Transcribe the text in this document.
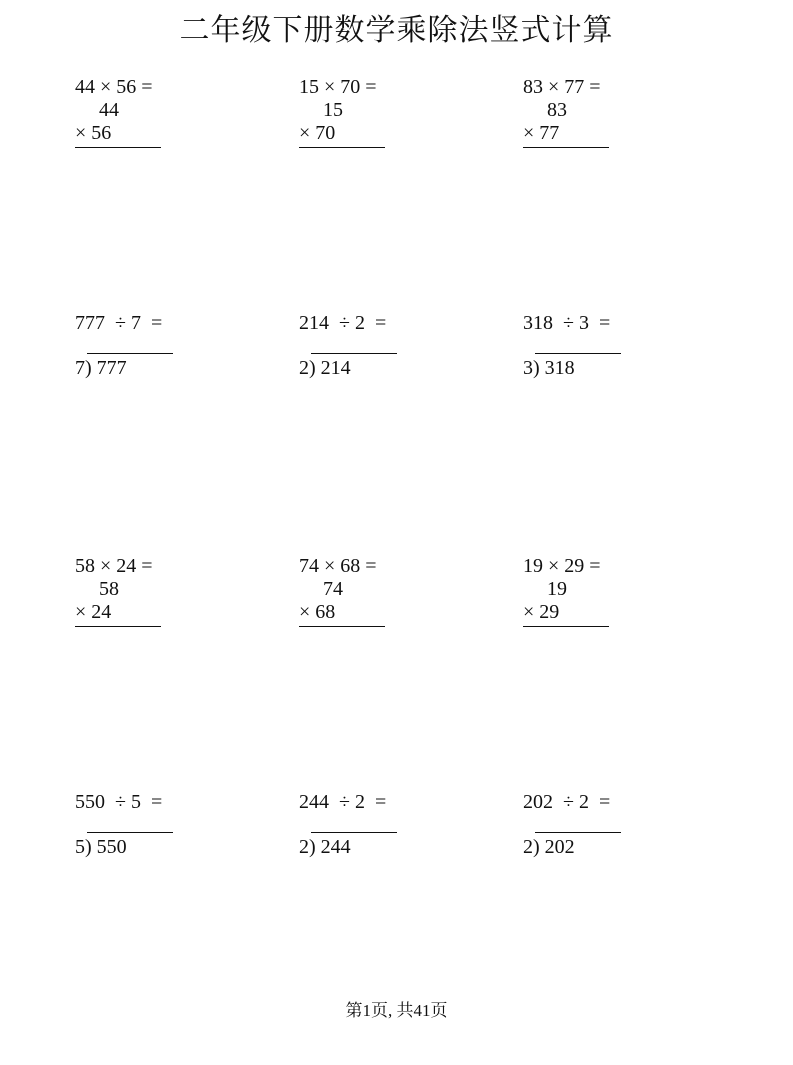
二年级下册数学乘除法竖式计算
44 × 56 =
44
× 56
15 × 70 =
15
× 70
83 × 77 =
83
× 77
777  ÷ 7  =
7) 777
214  ÷ 2  =
2) 214
318  ÷ 3  =
3) 318
58 × 24 =
58
× 24
74 × 68 =
74
× 68
19 × 29 =
19
× 29
550  ÷ 5  =
5) 550
244  ÷ 2  =
2) 244
202  ÷ 2  =
2) 202
第1页, 共41页
